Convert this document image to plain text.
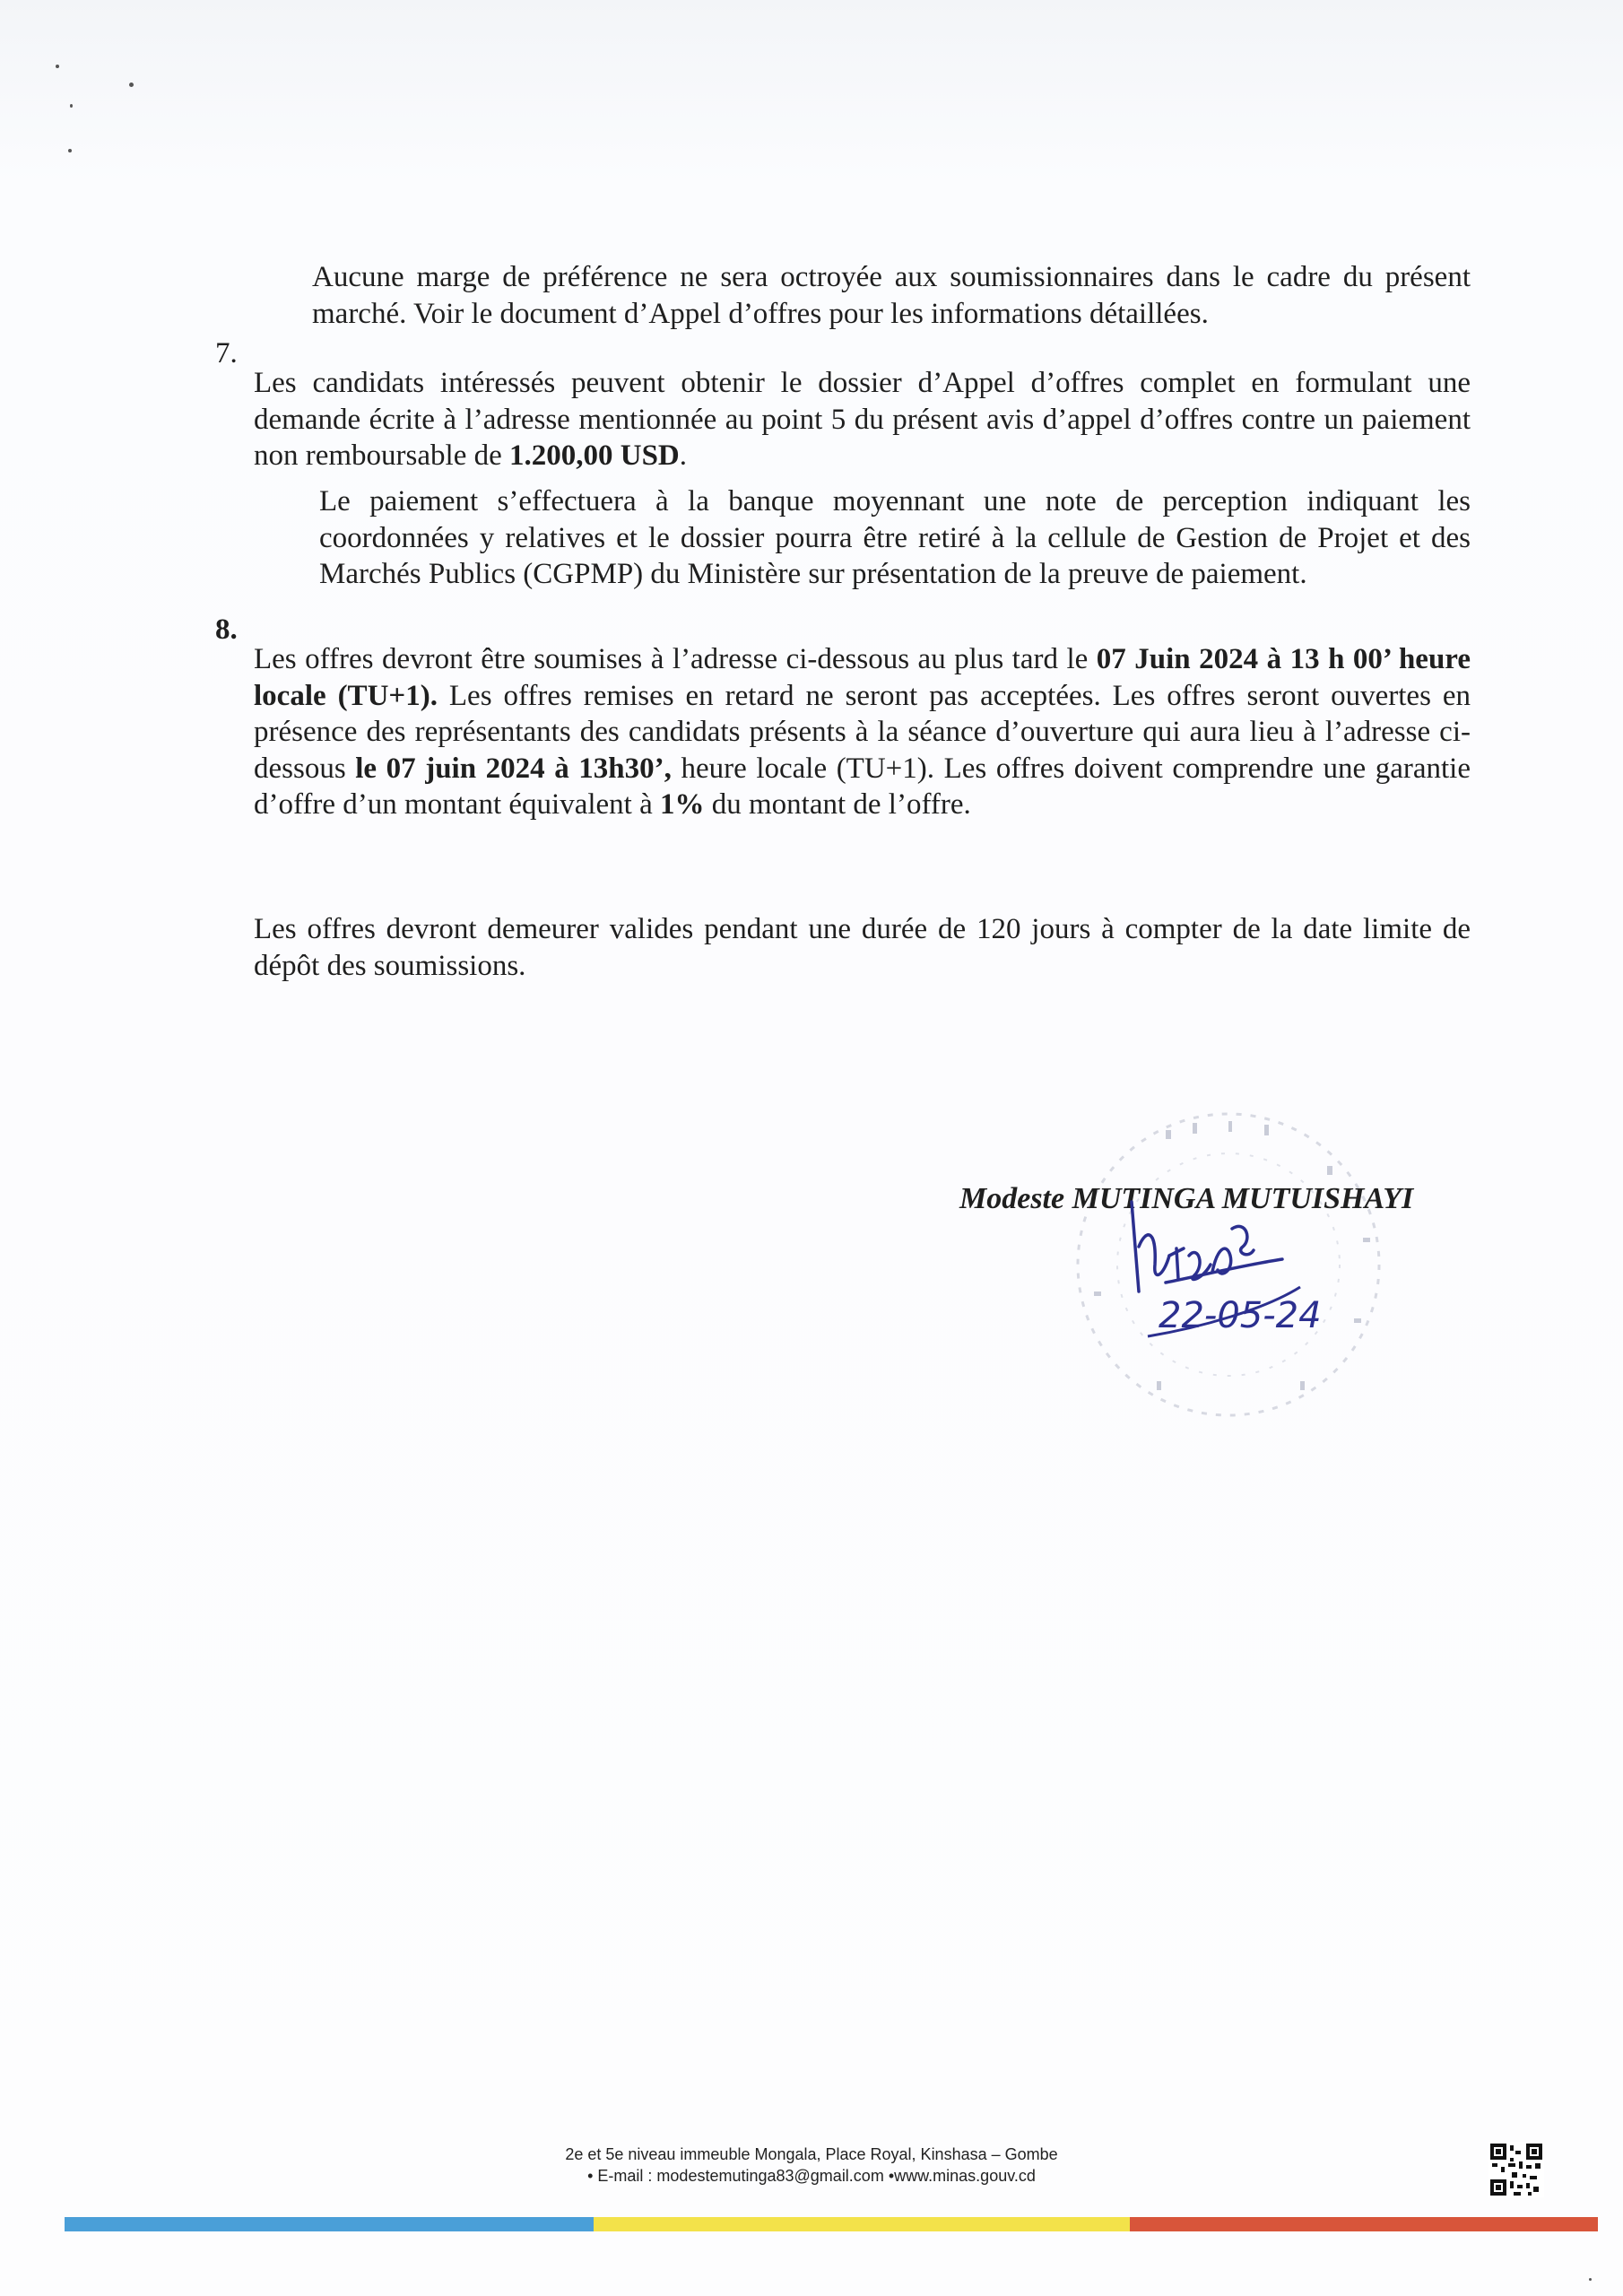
Aucune marge de préférence ne sera octroyée aux soumissionnaires dans le cadre du présent marché. Voir le document d’Appel d’offres pour les informations détaillées.

7.

Les candidats intéressés peuvent obtenir le dossier d’Appel d’offres complet en formulant une demande écrite à l’adresse mentionnée au point 5 du présent avis d’appel d’offres contre un paiement non remboursable de 1.200,00 USD.

Le paiement s’effectuera à la banque moyennant une note de perception indiquant les coordonnées y relatives et le dossier pourra être retiré à la cellule de Gestion de Projet et des Marchés Publics (CGPMP) du Ministère sur présentation de la preuve de paiement.

8.

Les offres devront être soumises à l’adresse ci-dessous au plus tard le 07 Juin 2024 à 13 h 00’ heure locale (TU+1). Les offres remises en retard ne seront pas acceptées. Les offres seront ouvertes en présence des représentants des candidats présents à la séance d’ouverture qui aura lieu à l’adresse ci-dessous le 07 juin 2024 à 13h30’, heure locale (TU+1). Les offres doivent comprendre une garantie d’offre d’un montant équivalent à 1% du montant de l’offre.

Les offres devront demeurer valides pendant une durée de 120 jours à compter de la date limite de dépôt des soumissions.

Modeste MUTINGA MUTUISHAYI
22-05-24
2e et 5e niveau immeuble Mongala, Place Royal, Kinshasa – Gombe
• E-mail : modestemutinga83@gmail.com •www.minas.gouv.cd
